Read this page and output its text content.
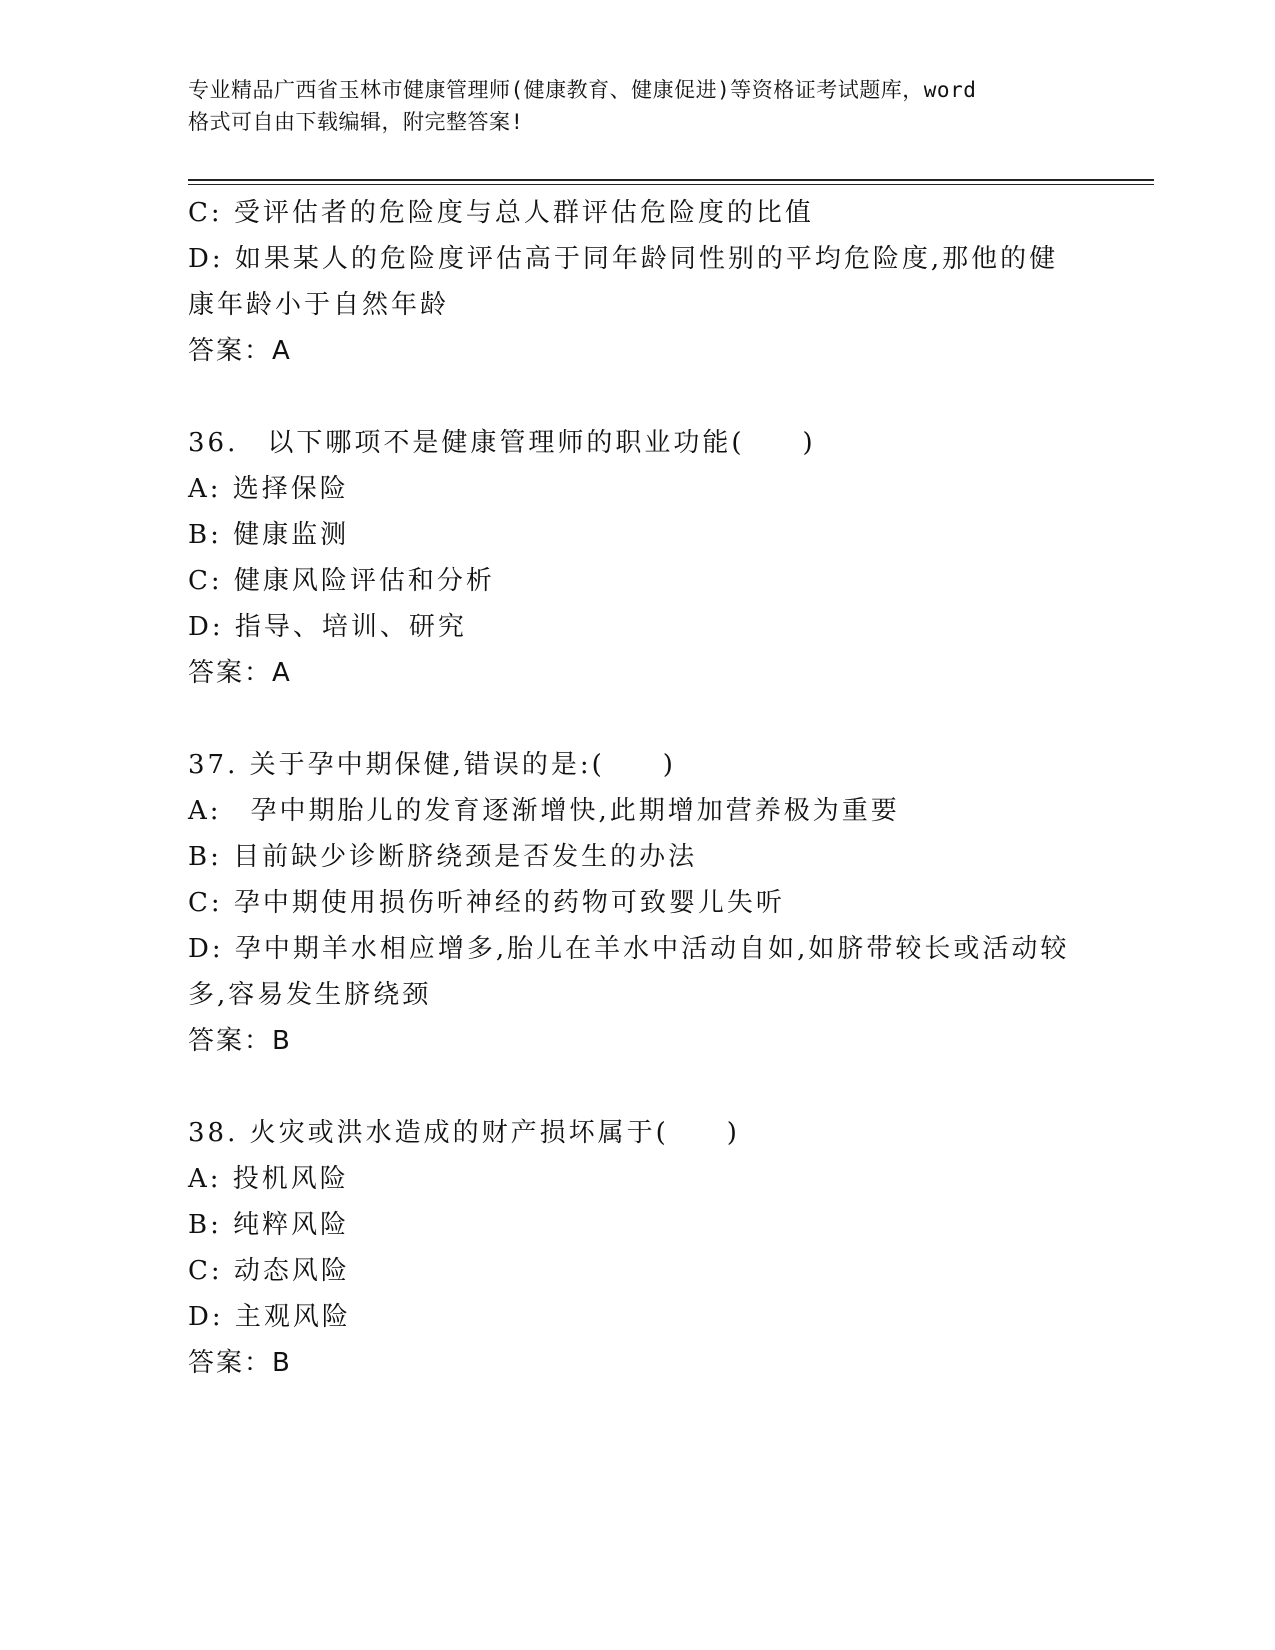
专业精品广西省玉林市健康管理师(健康教育、健康促进)等资格证考试题库，word

格式可自由下载编辑，附完整答案!

C: 受评估者的危险度与总人群评估危险度的比值

D: 如果某人的危险度评估高于同年龄同性别的平均危险度,那他的健

康年龄小于自然年龄

答案：A

36.　以下哪项不是健康管理师的职业功能(　　)

A: 选择保险

B: 健康监测

C: 健康风险评估和分析

D: 指导、培训、研究

答案：A

37. 关于孕中期保健,错误的是:(　　)

A:　孕中期胎儿的发育逐渐增快,此期增加营养极为重要

B: 目前缺少诊断脐绕颈是否发生的办法

C: 孕中期使用损伤听神经的药物可致婴儿失听

D: 孕中期羊水相应增多,胎儿在羊水中活动自如,如脐带较长或活动较

多,容易发生脐绕颈

答案：B

38. 火灾或洪水造成的财产损坏属于(　　)

A: 投机风险

B: 纯粹风险

C: 动态风险

D: 主观风险

答案：B
